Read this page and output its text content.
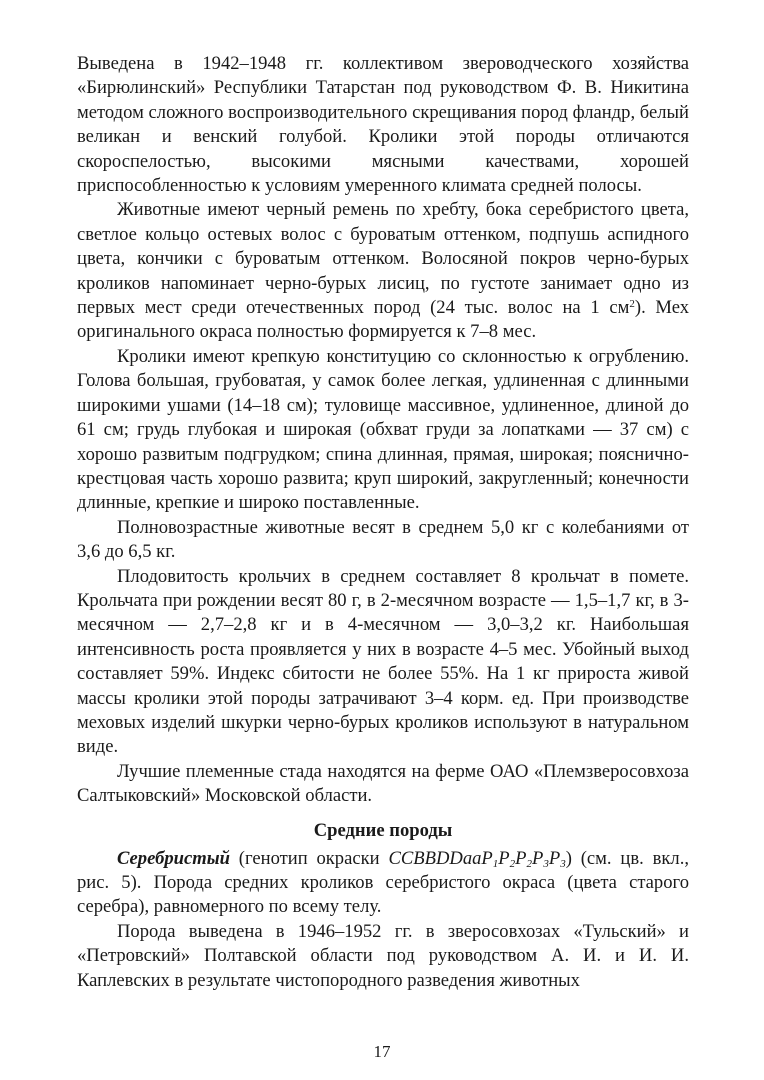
Выведена в 1942–1948 гг. коллективом звероводческого хозяйства «Бирюлинский» Республики Татарстан под руководством Ф. В. Никитина методом сложного воспроизводительного скрещивания пород фландр, белый великан и венский голубой. Кролики этой породы отличаются скороспелостью, высокими мясными качествами, хорошей приспособленностью к условиям умеренного климата средней полосы.

Животные имеют черный ремень по хребту, бока серебристого цвета, светлое кольцо остевых волос с буроватым оттенком, подпушь аспидного цвета, кончики с буроватым оттенком. Волосяной покров черно-бурых кроликов напоминает черно-бурых лисиц, по густоте занимает одно из первых мест среди отечественных пород (24 тыс. волос на 1 $см^2$). Мех оригинального окраса полностью формируется к 7–8 мес.

Кролики имеют крепкую конституцию со склонностью к огрублению. Голова большая, грубоватая, у самок более легкая, удлиненная с длинными широкими ушами (14–18 см); туловище массивное, удлиненное, длиной до 61 см; грудь глубокая и широкая (обхват груди за лопатками — 37 см) с хорошо развитым подгрудком; спина длинная, прямая, широкая; пояснично-крестцовая часть хорошо развита; круп широкий, закругленный; конечности длинные, крепкие и широко поставленные.

Полновозрастные животные весят в среднем 5,0 кг с колебаниями от 3,6 до 6,5 кг.

Плодовитость крольчих в среднем составляет 8 крольчат в помете. Крольчата при рождении весят 80 г, в 2-месячном возрасте — 1,5–1,7 кг, в 3-месячном — 2,7–2,8 кг и в 4-месячном — 3,0–3,2 кг. Наибольшая интенсивность роста проявляется у них в возрасте 4–5 мес. Убойный выход составляет 59%. Индекс сбитости не более 55%. На 1 кг прироста живой массы кролики этой породы затрачивают 3–4 корм. ед. При производстве меховых изделий шкурки черно-бурых кроликов используют в натуральном виде.

Лучшие племенные стада находятся на ферме ОАО «Племзверосовхоза Салтыковский» Московской области.

Средние породы

Серебристый (генотип окраски $CCBBDDaaP_1P_2P_2P_3P_3$) (см. цв. вкл., рис. 5). Порода средних кроликов серебристого окраса (цвета старого серебра), равномерного по всему телу.

Порода выведена в 1946–1952 гг. в зверосовхозах «Тульский» и «Петровский» Полтавской области под руководством А. И. и И. И. Каплевских в результате чистопородного разведения животных

17
